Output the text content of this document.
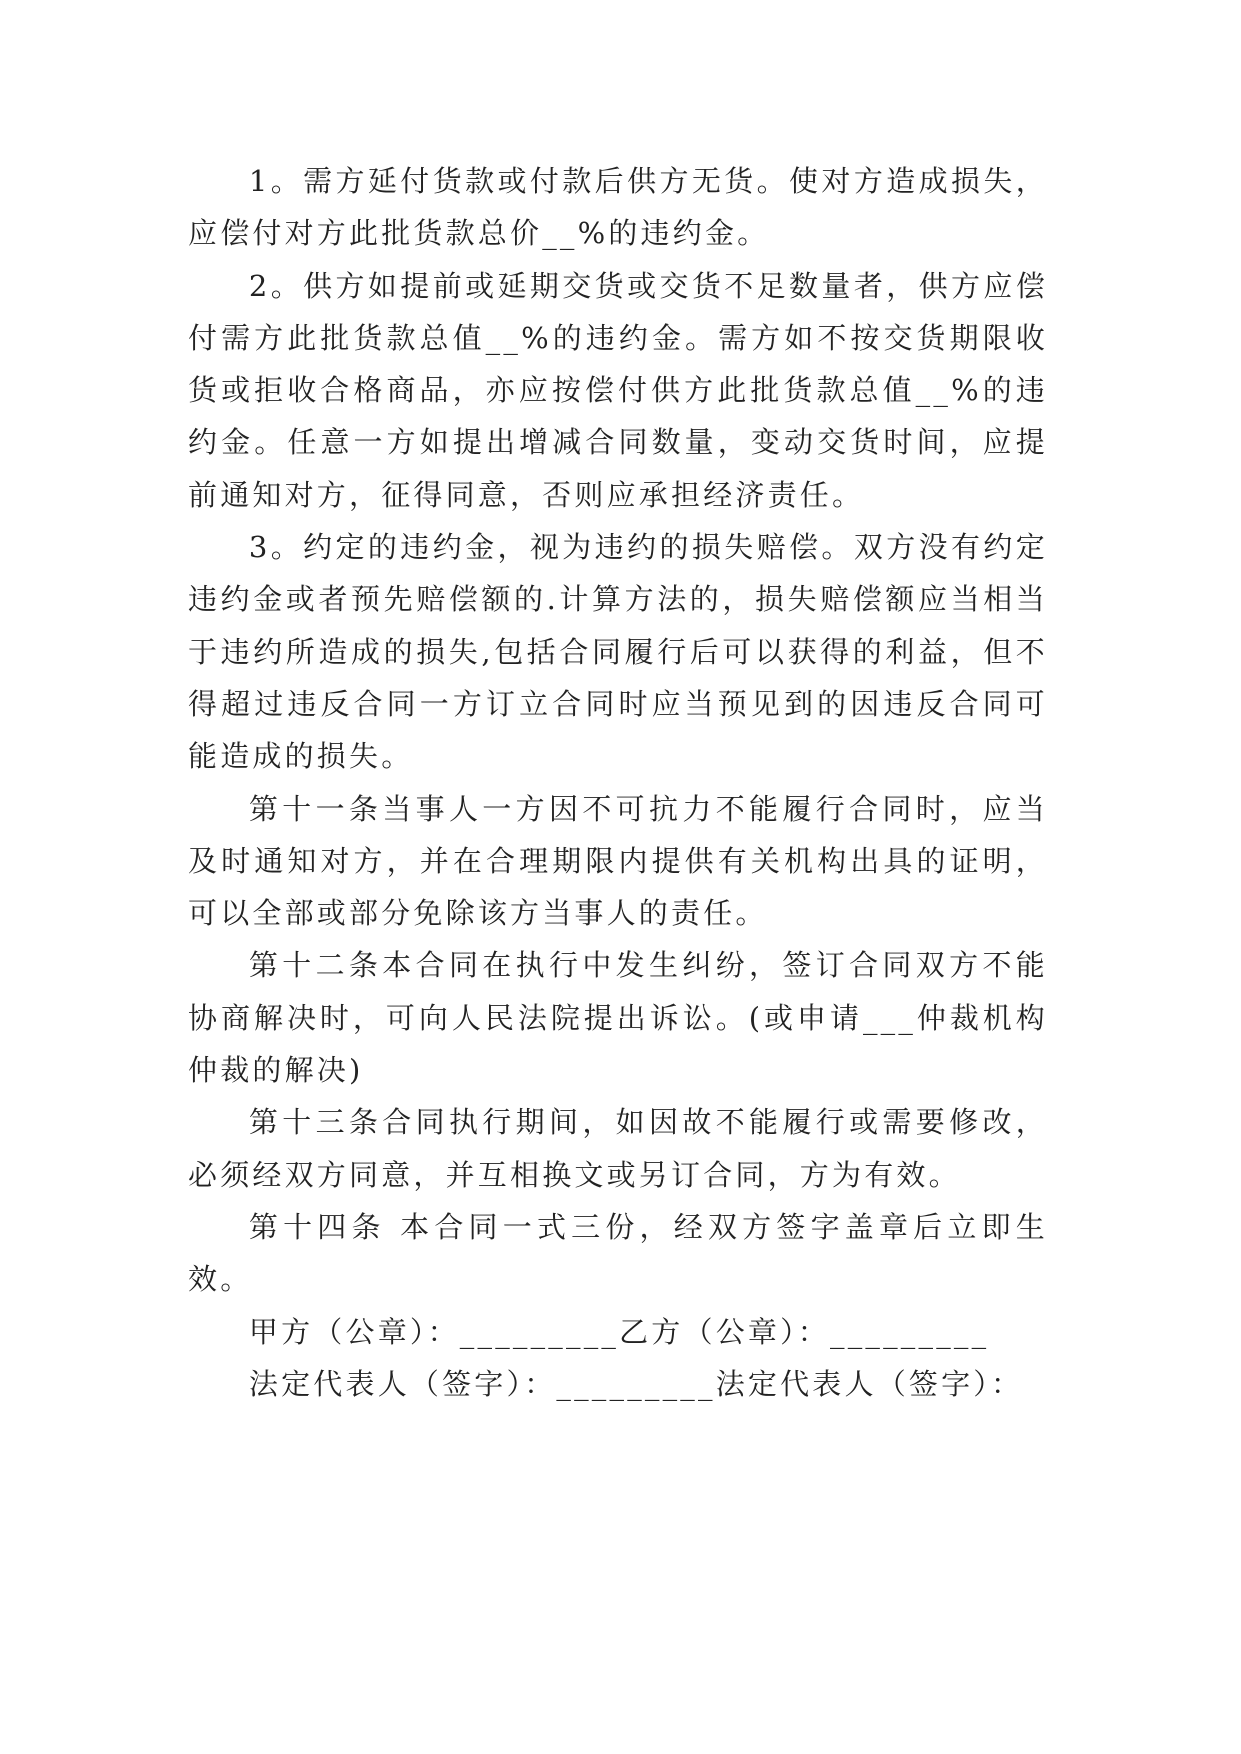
1。需方延付货款或付款后供方无货。使对方造成损失，应偿付对方此批货款总价__%的违约金。

2。供方如提前或延期交货或交货不足数量者，供方应偿付需方此批货款总值__%的违约金。需方如不按交货期限收货或拒收合格商品，亦应按偿付供方此批货款总值__%的违约金。任意一方如提出增减合同数量，变动交货时间，应提前通知对方，征得同意，否则应承担经济责任。

3。约定的违约金，视为违约的损失赔偿。双方没有约定违约金或者预先赔偿额的.计算方法的，损失赔偿额应当相当于违约所造成的损失,包括合同履行后可以获得的利益，但不得超过违反合同一方订立合同时应当预见到的因违反合同可能造成的损失。

第十一条当事人一方因不可抗力不能履行合同时，应当及时通知对方，并在合理期限内提供有关机构出具的证明，可以全部或部分免除该方当事人的责任。

第十二条本合同在执行中发生纠纷，签订合同双方不能协商解决时，可向人民法院提出诉讼。(或申请___仲裁机构仲裁的解决)

第十三条合同执行期间，如因故不能履行或需要修改，必须经双方同意，并互相换文或另订合同，方为有效。

第十四条 本合同一式三份，经双方签字盖章后立即生效。

甲方（公章）：_________乙方（公章）：_________

法定代表人（签字）：_________法定代表人（签字）：
